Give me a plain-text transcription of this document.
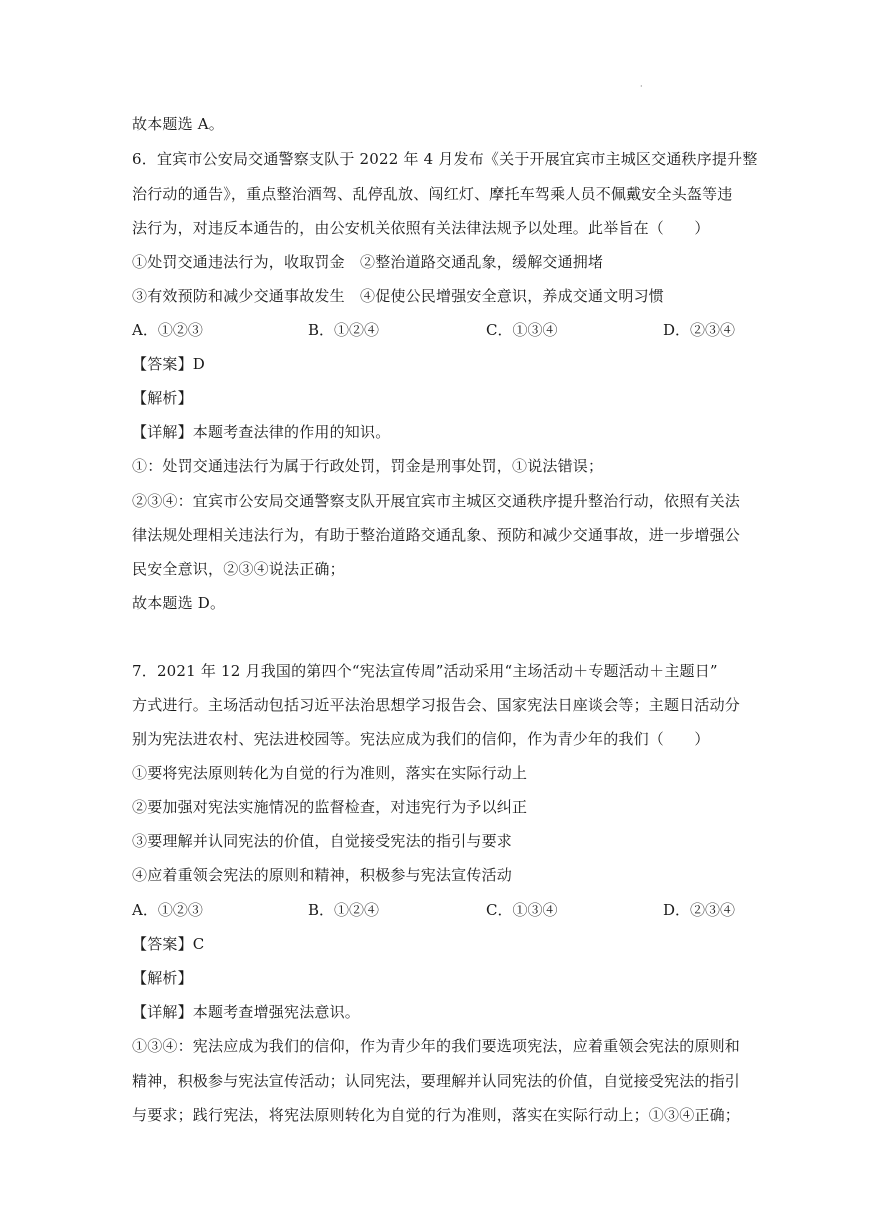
·
故本题选 A。
6．宜宾市公安局交通警察支队于 2022 年 4 月发布《关于开展宜宾市主城区交通秩序提升整
治行动的通告》，重点整治酒驾、乱停乱放、闯红灯、摩托车驾乘人员不佩戴安全头盔等违
法行为，对违反本通告的，由公安机关依照有关法律法规予以处理。此举旨在（　　）
①处罚交通违法行为，收取罚金　②整治道路交通乱象，缓解交通拥堵
③有效预防和减少交通事故发生　④促使公民增强安全意识，养成交通文明习惯
A．①②③	B．①②④	C．①③④	D．②③④
【答案】D
【解析】
【详解】本题考查法律的作用的知识。
①：处罚交通违法行为属于行政处罚，罚金是刑事处罚，①说法错误；
②③④：宜宾市公安局交通警察支队开展宜宾市主城区交通秩序提升整治行动，依照有关法
律法规处理相关违法行为，有助于整治道路交通乱象、预防和减少交通事故，进一步增强公
民安全意识，②③④说法正确；
故本题选 D。
7．2021 年 12 月我国的第四个“宪法宣传周”活动采用“主场活动＋专题活动＋主题日”
方式进行。主场活动包括习近平法治思想学习报告会、国家宪法日座谈会等；主题日活动分
别为宪法进农村、宪法进校园等。宪法应成为我们的信仰，作为青少年的我们（　　）
①要将宪法原则转化为自觉的行为准则，落实在实际行动上
②要加强对宪法实施情况的监督检查，对违宪行为予以纠正
③要理解并认同宪法的价值，自觉接受宪法的指引与要求
④应着重领会宪法的原则和精神，积极参与宪法宣传活动
A．①②③	B．①②④	C．①③④	D．②③④
【答案】C
【解析】
【详解】本题考查增强宪法意识。
①③④：宪法应成为我们的信仰，作为青少年的我们要选项宪法，应着重领会宪法的原则和
精神，积极参与宪法宣传活动；认同宪法，要理解并认同宪法的价值，自觉接受宪法的指引
与要求；践行宪法，将宪法原则转化为自觉的行为准则，落实在实际行动上；①③④正确；
